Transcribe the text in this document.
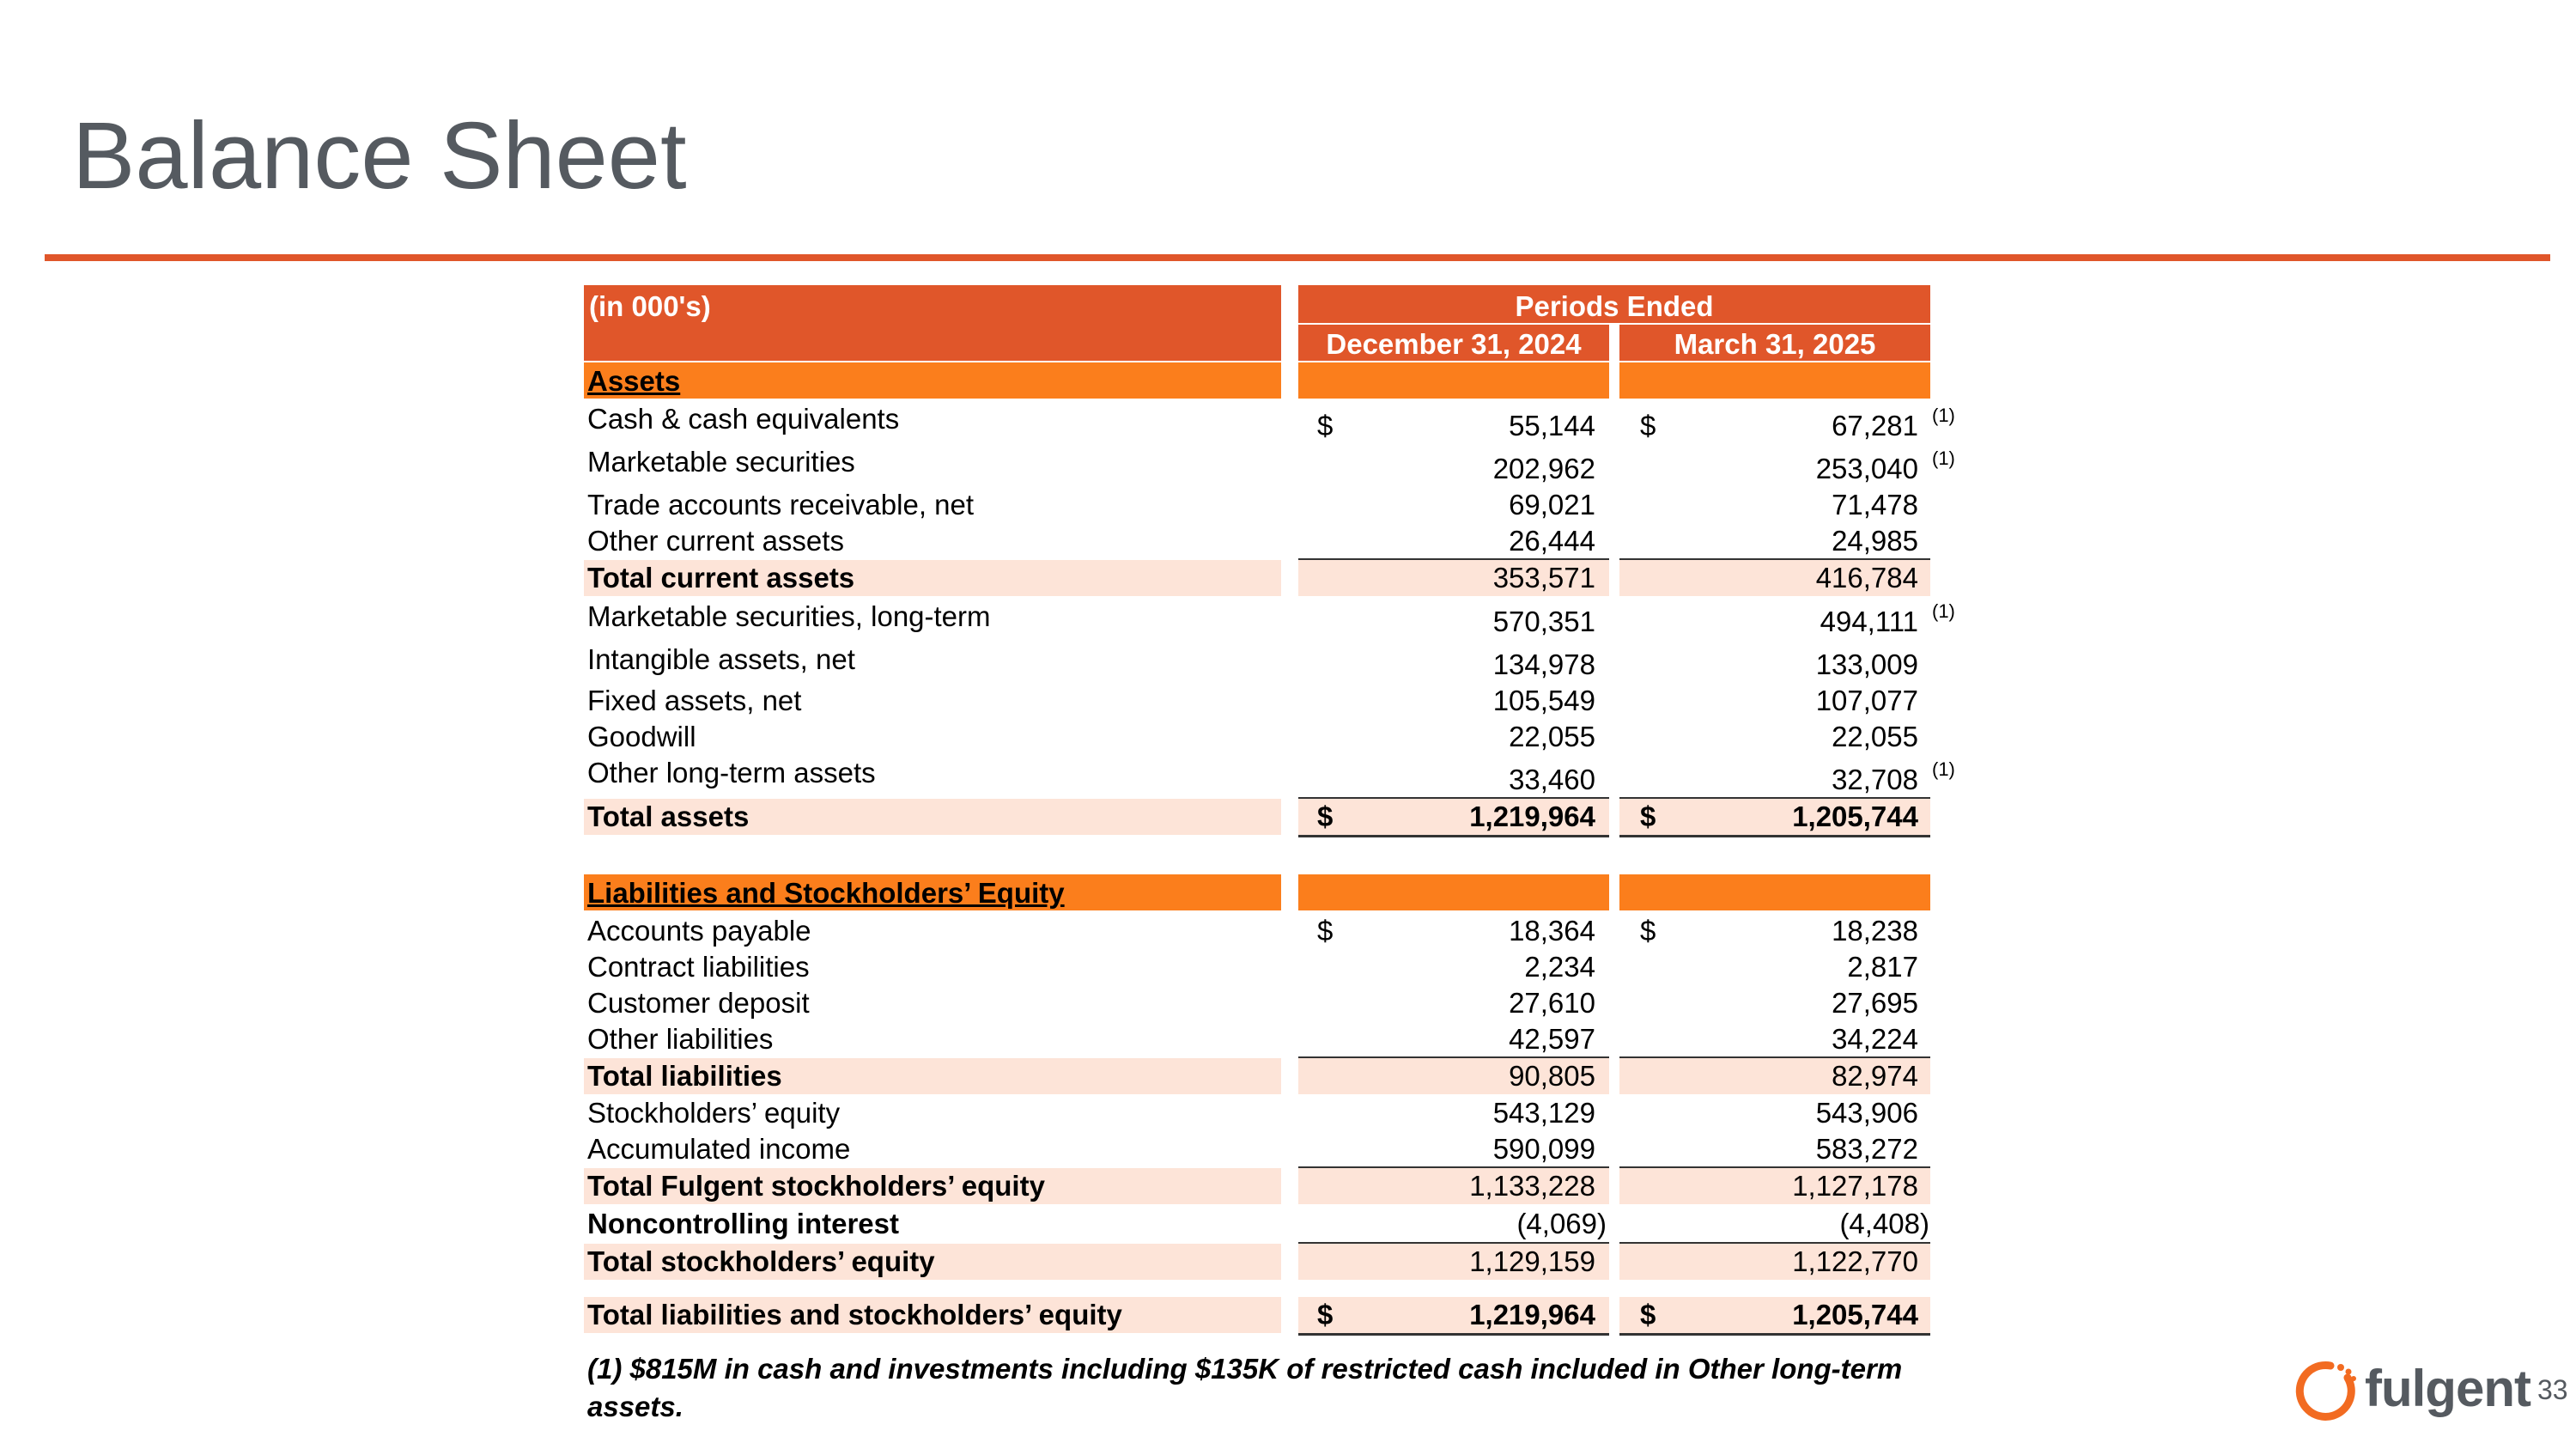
Balance Sheet
(in 000's)	Periods Ended
December 31, 2024	March 31, 2025
Assets
Cash & cash equivalents	$	55,144 $	67,281 (1)
Marketable securities	202,962	253,040 (1)
Trade accounts receivable, net	69,021	71,478
Other current assets	26,444	24,985
Total current assets	353,571	416,784
Marketable securities, long-term	570,351	494,111 (1)
Intangible assets, net	134,978	133,009
Fixed assets, net	105,549	107,077
Goodwill	22,055	22,055
Other long-term assets	33,460	32,708 (1)
Total assets	$	1,219,964 $	1,205,744
Liabilities and Stockholders’ Equity
Accounts payable	$	18,364 $	18,238
Contract liabilities	2,234	2,817
Customer deposit	27,610	27,695
Other liabilities	42,597	34,224
Total liabilities	90,805	82,974
Stockholders’ equity	543,129	543,906
Accumulated income	590,099	583,272
Total Fulgent stockholders’ equity	1,133,228	1,127,178
Noncontrolling interest	(4,069)	(4,408)
Total stockholders’ equity	1,129,159	1,122,770
Total liabilities and stockholders’ equity	$	1,219,964 $	1,205,744
(1) $815M in cash and investments including $135K of restricted cash included in Other long-term assets.	fulgent 33
